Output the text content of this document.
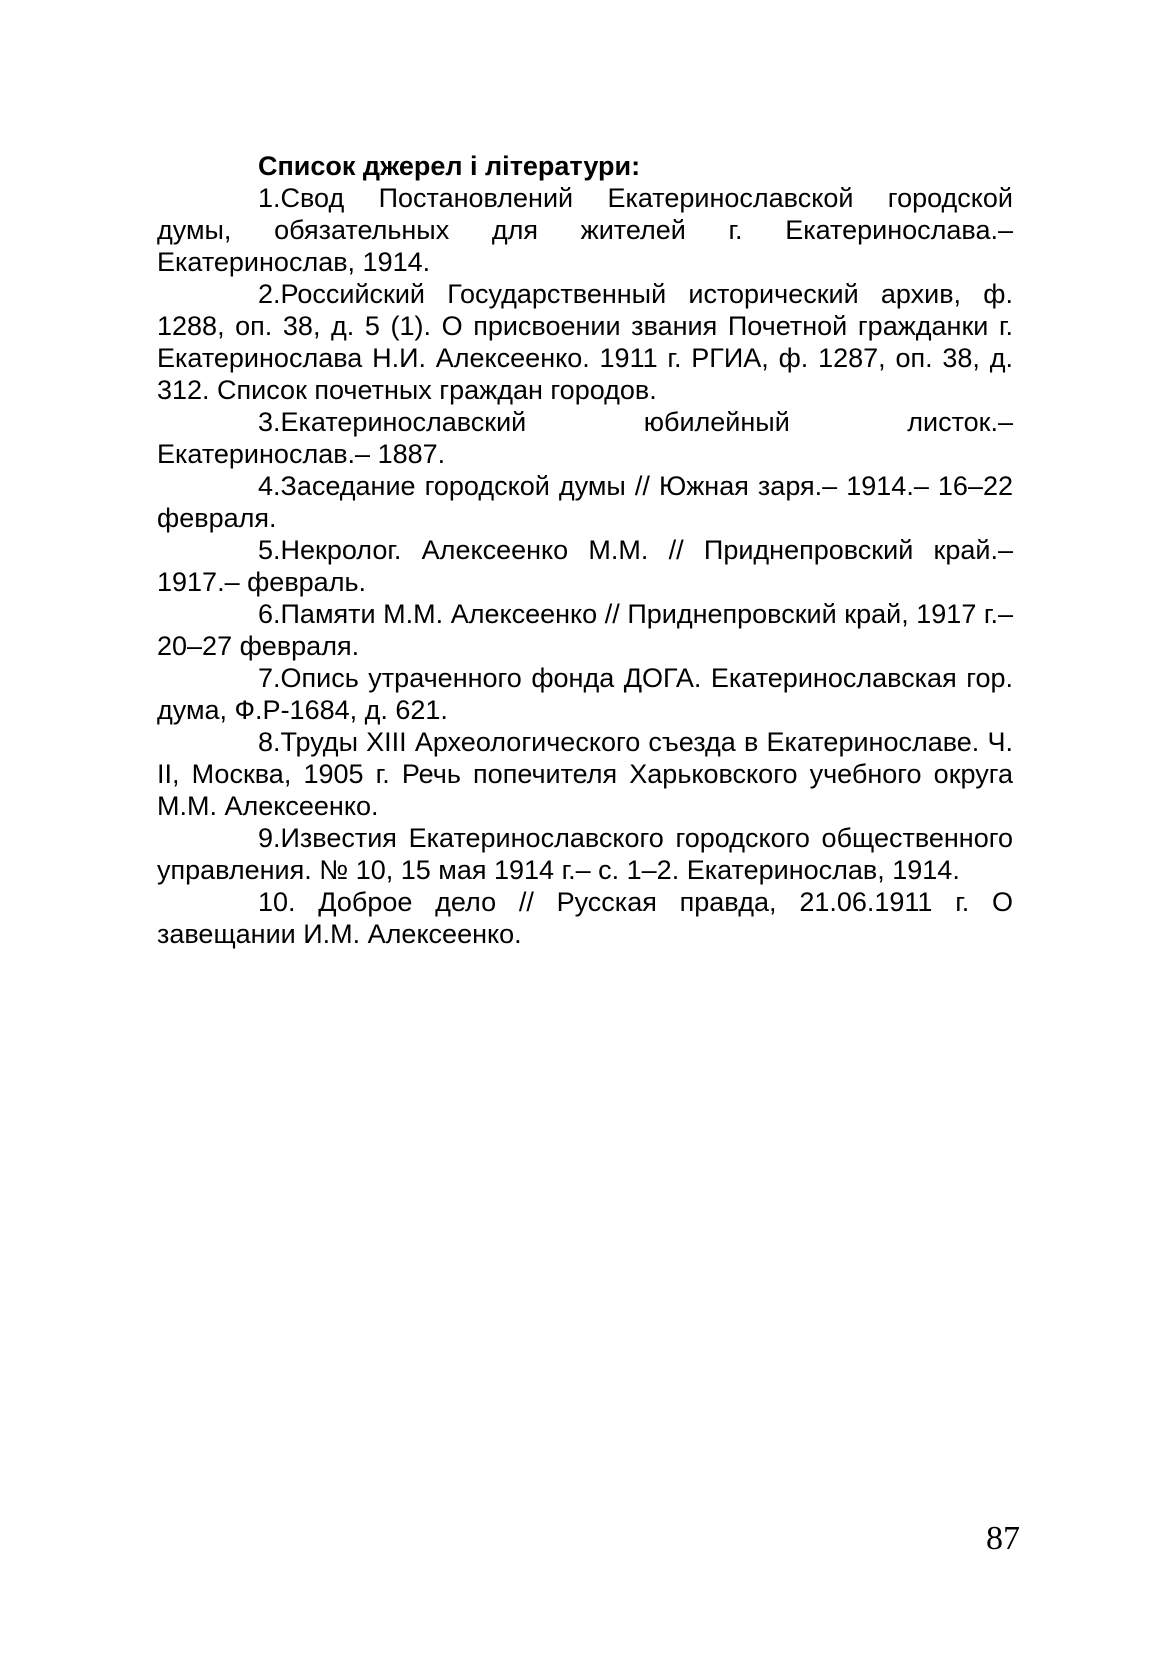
Список джерел і літератури:

1.Свод Постановлений Екатеринославской городской думы, обязательных для жителей г. Екатеринослава.– Екатеринослав, 1914.
2.Российский Государственный исторический архив, ф. 1288, оп. 38, д. 5 (1). О присвоении звания Почетной гражданки г. Екатеринослава Н.И. Алексеенко. 1911 г. РГИА, ф. 1287, оп. 38, д. 312. Список почетных граждан городов.
3.Екатеринославский юбилейный листок.– Екатеринослав.– 1887.
4.Заседание городской думы // Южная заря.– 1914.– 16–22 февраля.
5.Некролог. Алексеенко М.М. // Приднепровский край.– 1917.– февраль.
6.Памяти М.М. Алексеенко // Приднепровский край, 1917 г.– 20–27 февраля.
7.Опись утраченного фонда ДОГА. Екатеринославская гор. дума, Ф.Р-1684, д. 621.
8.Труды XIII Археологического съезда в Екатеринославе. Ч. II, Москва, 1905 г. Речь попечителя Харьковского учебного округа М.М. Алексеенко.
9.Известия Екатеринославского городского общественного управления. № 10, 15 мая 1914 г.– с. 1–2. Екатеринослав, 1914.
10. Доброе дело // Русская правда, 21.06.1911 г. О завещании И.М. Алексеенко.
87
